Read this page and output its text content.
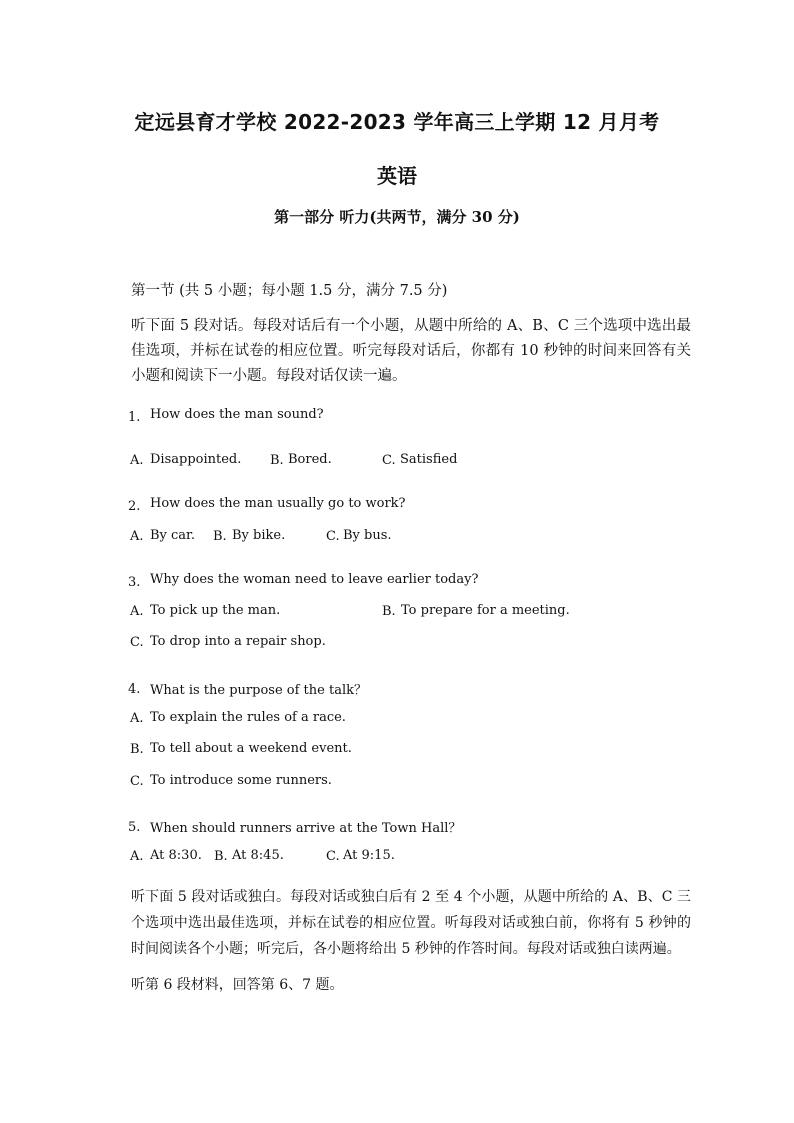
定远县育才学校 2022-2023 学年高三上学期 12 月月考
英语
第一部分 听力(共两节，满分 30 分)
第一节 (共 5 小题；每小题 1.5 分，满分 7.5 分)
听下面 5 段对话。每段对话后有一个小题，从题中所给的 A、B、C 三个选项中选出最佳选项，并标在试卷的相应位置。听完每段对话后，你都有 10 秒钟的时间来回答有关小题和阅读下一小题。每段对话仅读一遍。
1. How does the man sound?
A. Disappointed. B. Bored.	C. Satisfied
2. How does the man usually go to work?
A. By car. B. By bike.	C. By bus.
3. Why does the woman need to leave earlier today?
A. To pick up the man.	B. To prepare for a meeting.
C. To drop into a repair shop.
4. What is the purpose of the talk？
A. To explain the rules of a race.
B. To tell about a weekend event.
C. To introduce some runners.
5. When should runners arrive at the Town Hall？
A. At 8:30. B. At 8:45.	C. At 9:15.
听下面 5 段对话或独白。每段对话或独白后有 2 至 4 个小题，从题中所给的 A、B、C 三个选项中选出最佳选项，并标在试卷的相应位置。听每段对话或独白前，你将有 5 秒钟的时间阅读各个小题；听完后，各小题将给出 5 秒钟的作答时间。每段对话或独白读两遍。
听第 6 段材料，回答第 6、7 题。
